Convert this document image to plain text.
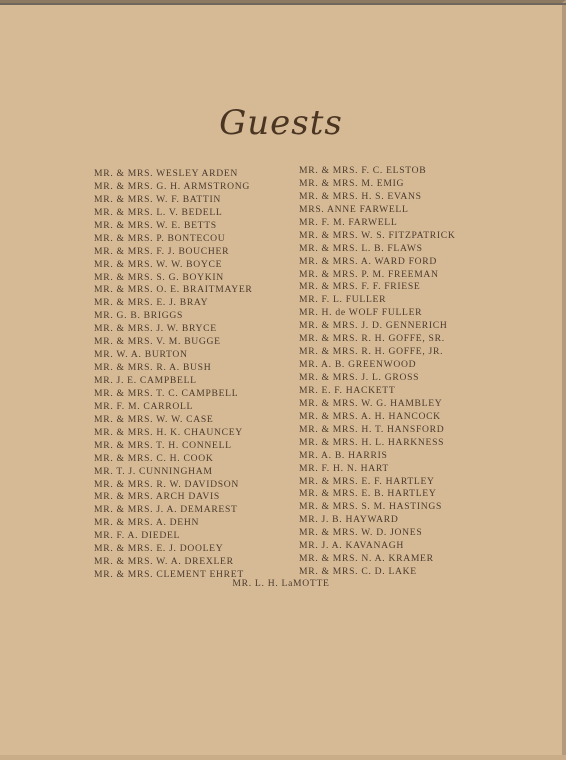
Guests
MR. & MRS. WESLEY ARDEN
MR. & MRS. G. H. ARMSTRONG
MR. & MRS. W. F. BATTIN
MR. & MRS. L. V. BEDELL
MR. & MRS. W. E. BETTS
MR. & MRS. P. BONTECOU
MR. & MRS. F. J. BOUCHER
MR. & MRS. W. W. BOYCE
MR. & MRS. S. G. BOYKIN
MR. & MRS. O. E. BRAITMAYER
MR. & MRS. E. J. BRAY
MR. G. B. BRIGGS
MR. & MRS. J. W. BRYCE
MR. & MRS. V. M. BUGGE
MR. W. A. BURTON
MR. & MRS. R. A. BUSH
MR. J. E. CAMPBELL
MR. & MRS. T. C. CAMPBELL
MR. F. M. CARROLL
MR. & MRS. W. W. CASE
MR. & MRS. H. K. CHAUNCEY
MR. & MRS. T. H. CONNELL
MR. & MRS. C. H. COOK
MR. T. J. CUNNINGHAM
MR. & MRS. R. W. DAVIDSON
MR. & MRS. ARCH DAVIS
MR. & MRS. J. A. DEMAREST
MR. & MRS. A. DEHN
MR. F. A. DIEDEL
MR. & MRS. E. J. DOOLEY
MR. & MRS. W. A. DREXLER
MR. & MRS. CLEMENT EHRET
MR. & MRS. F. C. ELSTOB
MR. & MRS. M. EMIG
MR. & MRS. H. S. EVANS
MRS. ANNE FARWELL
MR. F. M. FARWELL
MR. & MRS. W. S. FITZPATRICK
MR. & MRS. L. B. FLAWS
MR. & MRS. A. WARD FORD
MR. & MRS. P. M. FREEMAN
MR. & MRS. F. F. FRIESE
MR. F. L. FULLER
MR. H. de WOLF FULLER
MR. & MRS. J. D. GENNERICH
MR. & MRS. R. H. GOFFE, SR.
MR. & MRS. R. H. GOFFE, JR.
MR. A. B. GREENWOOD
MR. & MRS. J. L. GROSS
MR. E. F. HACKETT
MR. & MRS. W. G. HAMBLEY
MR. & MRS. A. H. HANCOCK
MR. & MRS. H. T. HANSFORD
MR. & MRS. H. L. HARKNESS
MR. A. B. HARRIS
MR. F. H. N. HART
MR. & MRS. E. F. HARTLEY
MR. & MRS. E. B. HARTLEY
MR. & MRS. S. M. HASTINGS
MR. J. B. HAYWARD
MR. & MRS. W. D. JONES
MR. J. A. KAVANAGH
MR. & MRS. N. A. KRAMER
MR. & MRS. C. D. LAKE
MR. L. H. LaMOTTE
